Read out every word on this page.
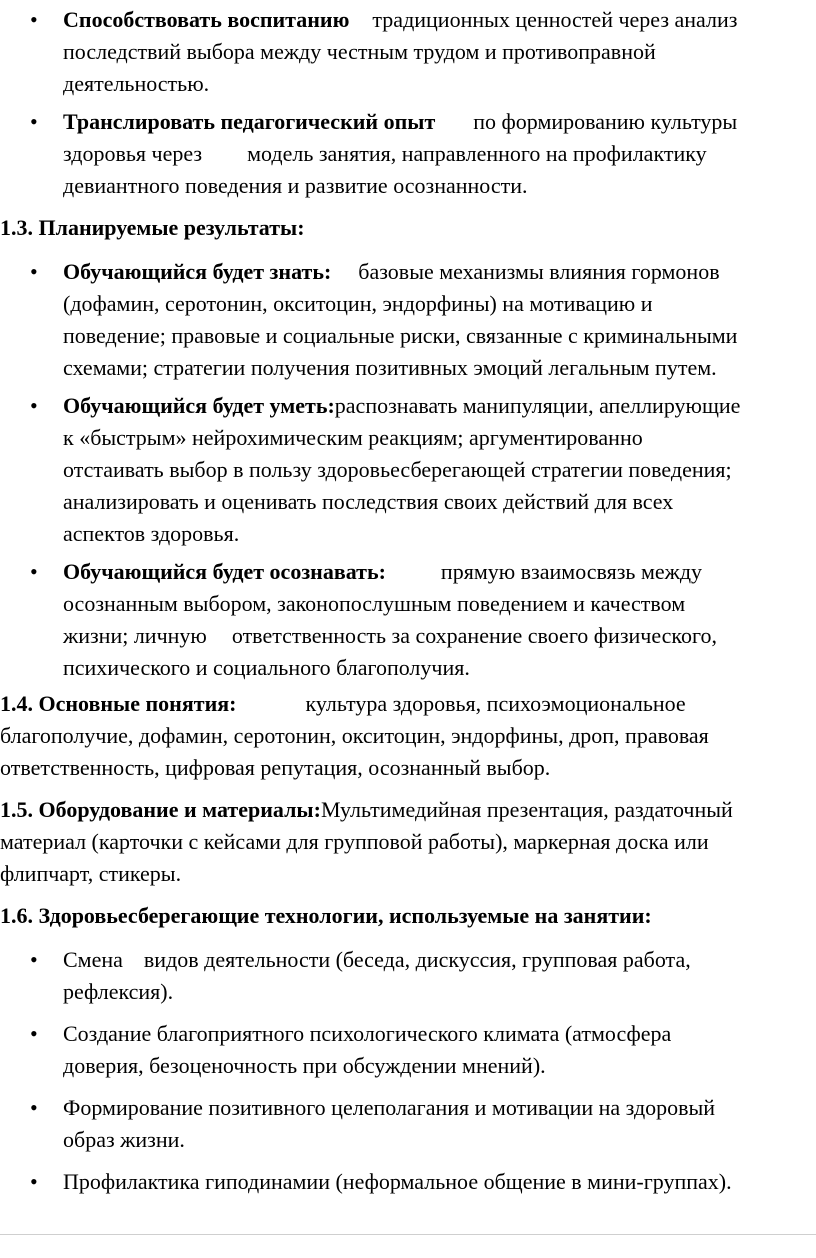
• Способствовать воспитанию традиционных ценностей через анализ
последствий выбора между честным трудом и противоправной
деятельностью.
• Транслировать педагогический опыт по формированию культуры
здоровья через модель занятия, направленного на профилактику
девиантного поведения и развитие осознанности.
1.3. Планируемые результаты:
• Обучающийся будет знать: базовые механизмы влияния гормонов
(дофамин, серотонин, окситоцин, эндорфины) на мотивацию и
поведение; правовые и социальные риски, связанные с криминальными
схемами; стратегии получения позитивных эмоций легальным путем.
• Обучающийся будет уметь:распознавать манипуляции, апеллирующие
к «быстрым» нейрохимическим реакциям; аргументированно
отстаивать выбор в пользу здоровьесберегающей стратегии поведения;
анализировать и оценивать последствия своих действий для всех
аспектов здоровья.
• Обучающийся будет осознавать:	прямую взаимосвязь между
осознанным выбором, законопослушным поведением и качеством
жизни; личную ответственность за сохранение своего физического,
психического и социального благополучия.
1.4. Основные понятия:	культура здоровья, психоэмоциональное
благополучие, дофамин, серотонин, окситоцин, эндорфины, дроп, правовая
ответственность, цифровая репутация, осознанный выбор.
1.5. Оборудование и материалы:Мультимедийная презентация, раздаточный
материал (карточки с кейсами для групповой работы), маркерная доска или
флипчарт, стикеры.
1.6. Здоровьесберегающие технологии, используемые на занятии:
• Смена видов деятельности (беседа, дискуссия, групповая работа,
рефлексия).
• Создание благоприятного психологического климата (атмосфера
доверия, безоценочность при обсуждении мнений).
• Формирование позитивного целеполагания и мотивации на здоровый
образ жизни.
• Профилактика гиподинамии (неформальное общение в мини-группах).
